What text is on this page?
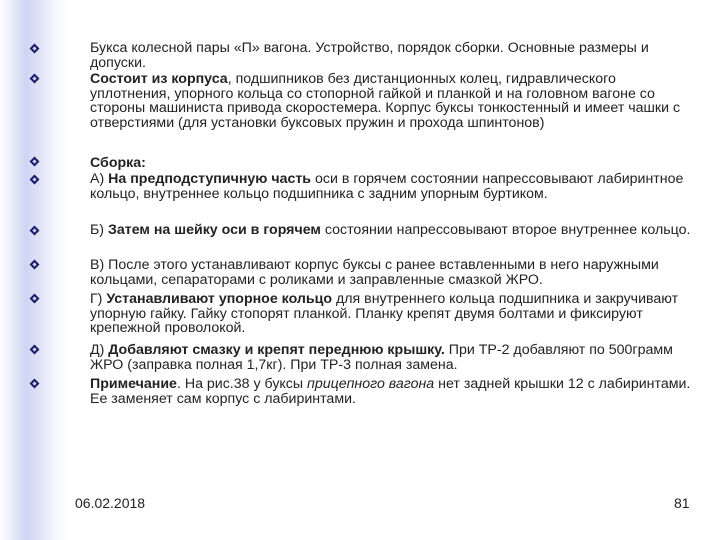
Букса колесной пары «П» вагона. Устройство, порядок сборки. Основные размеры и допуски.
Состоит из корпуса, подшипников без дистанционных колец, гидравлического уплотнения, упорного кольца со стопорной гайкой и планкой и на головном вагоне со стороны машиниста привода скоростемера. Корпус буксы тонкостенный и имеет чашки с отверстиями (для установки буксовых пружин и прохода шпинтонов)
Сборка:
А) На предподступичную часть оси в горячем состоянии напрессовывают лабиринтное кольцо, внутреннее кольцо подшипника с задним упорным буртиком.
Б) Затем на шейку оси в горячем состоянии напрессовывают второе внутреннее кольцо.
В) После этого устанавливают корпус буксы с ранее вставленными в него наружными кольцами, сепараторами с роликами и заправленные смазкой ЖРО.
Г) Устанавливают упорное кольцо для внутреннего кольца подшипника и закручивают упорную гайку. Гайку стопорят планкой. Планку крепят двумя болтами и фиксируют крепежной проволокой.
Д) Добавляют смазку и крепят переднюю крышку. При ТР-2 добавляют по 500грамм ЖРО (заправка полная 1,7кг). При ТР-3 полная замена.
Примечание. На рис.38 у буксы прицепного вагона нет задней крышки 12 с лабиринтами. Ее заменяет сам корпус с лабиринтами.
06.02.2018	81
